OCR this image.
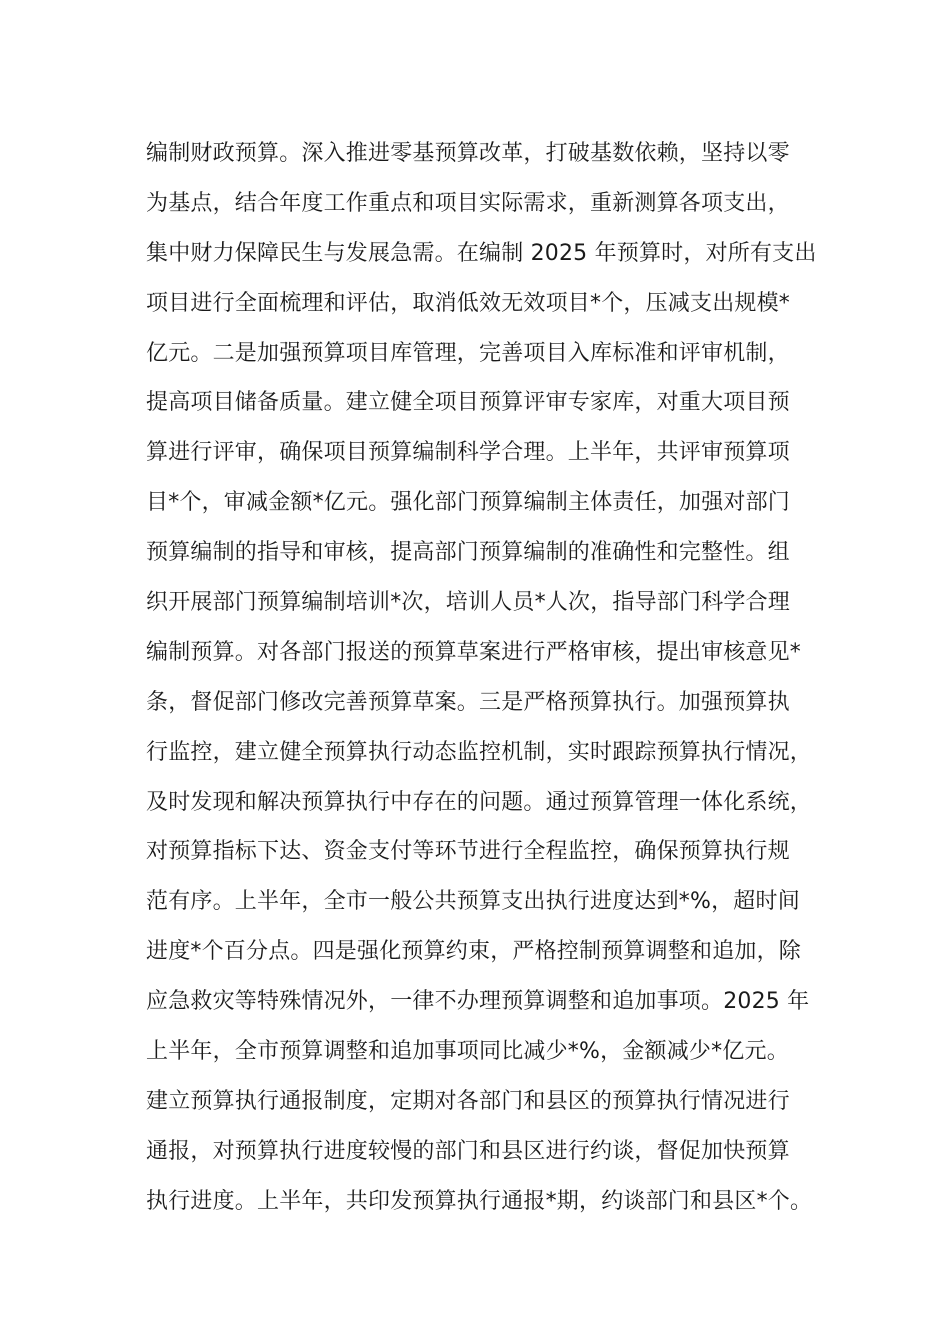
编制财政预算。深入推进零基预算改革，打破基数依赖，坚持以零
为基点，结合年度工作重点和项目实际需求，重新测算各项支出，
集中财力保障民生与发展急需。在编制 2025 年预算时，对所有支出
项目进行全面梳理和评估，取消低效无效项目*个，压减支出规模*
亿元。二是加强预算项目库管理，完善项目入库标准和评审机制，
提高项目储备质量。建立健全项目预算评审专家库，对重大项目预
算进行评审，确保项目预算编制科学合理。上半年，共评审预算项
目*个，审减金额*亿元。强化部门预算编制主体责任，加强对部门
预算编制的指导和审核，提高部门预算编制的准确性和完整性。组
织开展部门预算编制培训*次，培训人员*人次，指导部门科学合理
编制预算。对各部门报送的预算草案进行严格审核，提出审核意见*
条，督促部门修改完善预算草案。三是严格预算执行。加强预算执
行监控，建立健全预算执行动态监控机制，实时跟踪预算执行情况，
及时发现和解决预算执行中存在的问题。通过预算管理一体化系统，
对预算指标下达、资金支付等环节进行全程监控，确保预算执行规
范有序。上半年，全市一般公共预算支出执行进度达到*%，超时间
进度*个百分点。四是强化预算约束，严格控制预算调整和追加，除
应急救灾等特殊情况外，一律不办理预算调整和追加事项。2025 年
上半年，全市预算调整和追加事项同比减少*%，金额减少*亿元。
建立预算执行通报制度，定期对各部门和县区的预算执行情况进行
通报，对预算执行进度较慢的部门和县区进行约谈，督促加快预算
执行进度。上半年，共印发预算执行通报*期，约谈部门和县区*个。
